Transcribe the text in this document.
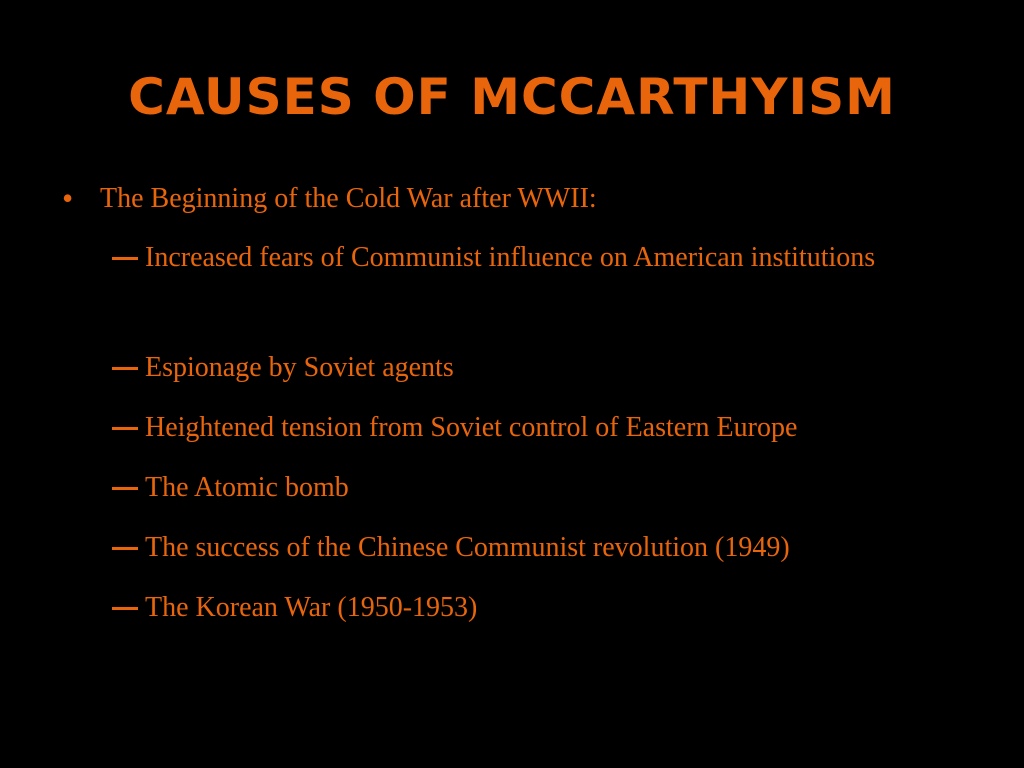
CAUSES OF MCCARTHYISM
• The Beginning of the Cold War after WWII:
Increased fears of Communist influence on American institutions
Espionage by Soviet agents
Heightened tension from Soviet control of Eastern Europe
The Atomic bomb
The success of the Chinese Communist revolution (1949)
The Korean War (1950-1953)
